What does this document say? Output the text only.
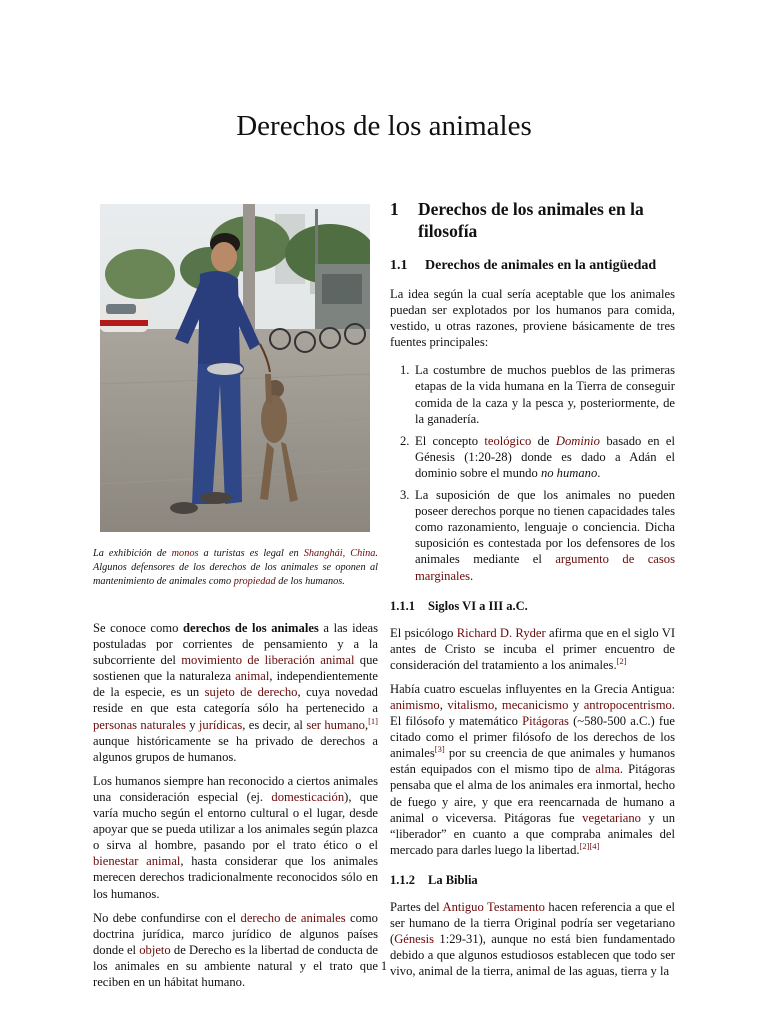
Derechos de los animales
La exhibición de monos a turistas es legal en Shanghái, China. Algunos defensores de los derechos de los animales se oponen al mantenimiento de animales como propiedad de los humanos.

Se conoce como derechos de los animales a las ideas postuladas por corrientes de pensamiento y a la subcorriente del movimiento de liberación animal que sostienen que la naturaleza animal, independientemente de la especie, es un sujeto de derecho, cuya novedad reside en que esta categoría sólo ha pertenecido a personas naturales y jurídicas, es decir, al ser humano,[1] aunque históricamente se ha privado de derechos a algunos grupos de humanos.

Los humanos siempre han reconocido a ciertos animales una consideración especial (ej. domesticación), que varía mucho según el entorno cultural o el lugar, desde apoyar que se pueda utilizar a los animales según plazca o sirva al hombre, pasando por el trato ético o el bienestar animal, hasta considerar que los animales merecen derechos tradicionalmente reconocidos sólo en los humanos.

No debe confundirse con el derecho de animales como doctrina jurídica, marco jurídico de algunos países donde el objeto de Derecho es la libertad de conducta de los animales en su ambiente natural y el trato que reciben en un hábitat humano.

1	Derechos de los animales en la filosofía
1.1	Derechos de animales en la antigüedad

La idea según la cual sería aceptable que los animales puedan ser explotados por los humanos para comida, vestido, u otras razones, proviene básicamente de tres fuentes principales:

1. La costumbre de muchos pueblos de las primeras etapas de la vida humana en la Tierra de conseguir comida de la caza y la pesca y, posteriormente, de la ganadería.
2. El concepto teológico de Dominio basado en el Génesis (1:20-28) donde es dado a Adán el dominio sobre el mundo no humano.
3. La suposición de que los animales no pueden poseer derechos porque no tienen capacidades tales como razonamiento, lenguaje o conciencia. Dicha suposición es contestada por los defensores de los animales mediante el argumento de casos marginales.
1.1.1	Siglos VI a III a.C.

El psicólogo Richard D. Ryder afirma que en el siglo VI antes de Cristo se incuba el primer encuentro de consideración del tratamiento a los animales.[2]

Había cuatro escuelas influyentes en la Grecia Antigua: animismo, vitalismo, mecanicismo y antropocentrismo. El filósofo y matemático Pitágoras (~580-500 a.C.) fue citado como el primer filósofo de los derechos de los animales[3] por su creencia de que animales y humanos están equipados con el mismo tipo de alma. Pitágoras pensaba que el alma de los animales era inmortal, hecho de fuego y aire, y que era reencarnada de humano a animal o viceversa. Pitágoras fue vegetariano y un “liberador” en cuanto a que compraba animales del mercado para darles luego la libertad.[2][4]

1.1.2	La Biblia

Partes del Antiguo Testamento hacen referencia a que el ser humano de la tierra Original podría ser vegetariano (Génesis 1:29-31), aunque no está bien fundamentado debido a que algunos estudiosos establecen que todo ser vivo, animal de la tierra, animal de las aguas, tierra y la

1
